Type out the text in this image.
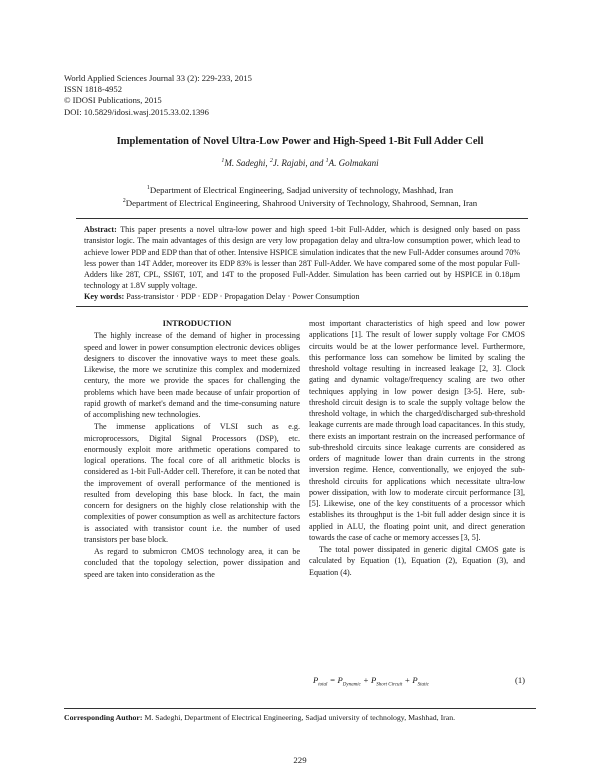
World Applied Sciences Journal 33 (2): 229-233, 2015
ISSN 1818-4952
© IDOSI Publications, 2015
DOI: 10.5829/idosi.wasj.2015.33.02.1396
Implementation of Novel Ultra-Low Power and High-Speed 1-Bit Full Adder Cell
$^1$M. Sadeghi, $^2$J. Rajabi, and $^1$A. Golmakani
$^1$Department of Electrical Engineering, Sadjad university of technology, Mashhad, Iran
$^2$Department of Electrical Engineering, Shahrood University of Technology, Shahrood, Semnan, Iran
Abstract: This paper presents a novel ultra-low power and high speed 1-bit Full-Adder, which is designed only based on pass transistor logic. The main advantages of this design are very low propagation delay and ultra-low consumption power, which lead to achieve lower PDP and EDP than that of other. Intensive HSPICE simulation indicates that the new Full-Adder consumes around 70% less power than 14T Adder, moreover its EDP 83% is lesser than 28T Full-Adder. We have compared some of the most popular Full-Adders like 28T, CPL, SSI6T, 10T, and 14T to the proposed Full-Adder. Simulation has been carried out by HSPICE in 0.18μm technology at 1.8V supply voltage.
Key words: Pass-transistor · PDP · EDP · Propagation Delay · Power Consumption

INTRODUCTION

The highly increase of the demand of higher in processing speed and lower in power consumption electronic devices obliges designers to discover the innovative ways to meet these goals. Likewise, the more we scrutinize this complex and modernized century, the more we provide the spaces for challenging the problems which have been made because of unfair proportion of rapid growth of market's demand and the time-consuming nature of accomplishing new technologies.

The immense applications of VLSI such as e.g. microprocessors, Digital Signal Processors (DSP), etc. enormously exploit more arithmetic operations compared to logical operations. The focal core of all arithmetic blocks is considered as 1-bit Full-Adder cell. Therefore, it can be noted that the improvement of overall performance of the mentioned is resulted from developing this base block. In fact, the main concern for designers on the highly close relationship with the complexities of power consumption as well as architecture factors is associated with transistor count i.e. the number of used transistors per base block.

As regard to submicron CMOS technology area, it can be concluded that the topology selection, power dissipation and speed are taken into consideration as the

most important characteristics of high speed and low power applications [1]. The result of lower supply voltage For CMOS circuits would be at the lower performance level. Furthermore, this performance loss can somehow be limited by scaling the threshold voltage resulting in increased leakage [2, 3]. Clock gating and dynamic voltage/frequency scaling are two other techniques applying in low power design [3-5]. Here, sub-threshold circuit design is to scale the supply voltage below the threshold voltage, in which the charged/discharged sub-threshold leakage currents are made through load capacitances. In this study, there exists an important restrain on the increased performance of sub-threshold circuits since leakage currents are considered as orders of magnitude lower than drain currents in the strong inversion regime. Hence, conventionally, we enjoyed the sub-threshold circuits for applications which necessitate ultra-low power dissipation, with low to moderate circuit performance [3], [5]. Likewise, one of the key constituents of a processor which establishes its throughput is the 1-bit full adder design since it is applied in ALU, the floating point unit, and direct generation towards the case of cache or memory accesses [3, 5].

The total power dissipated in generic digital CMOS gate is calculated by Equation (1), Equation (2), Equation (3), and Equation (4).

$P_{total} = P_{Dynamic} + P_{Short Circuit} + P_{Static}$
(1)
Corresponding Author: M. Sadeghi, Department of Electrical Engineering, Sadjad university of technology, Mashhad, Iran.
229
